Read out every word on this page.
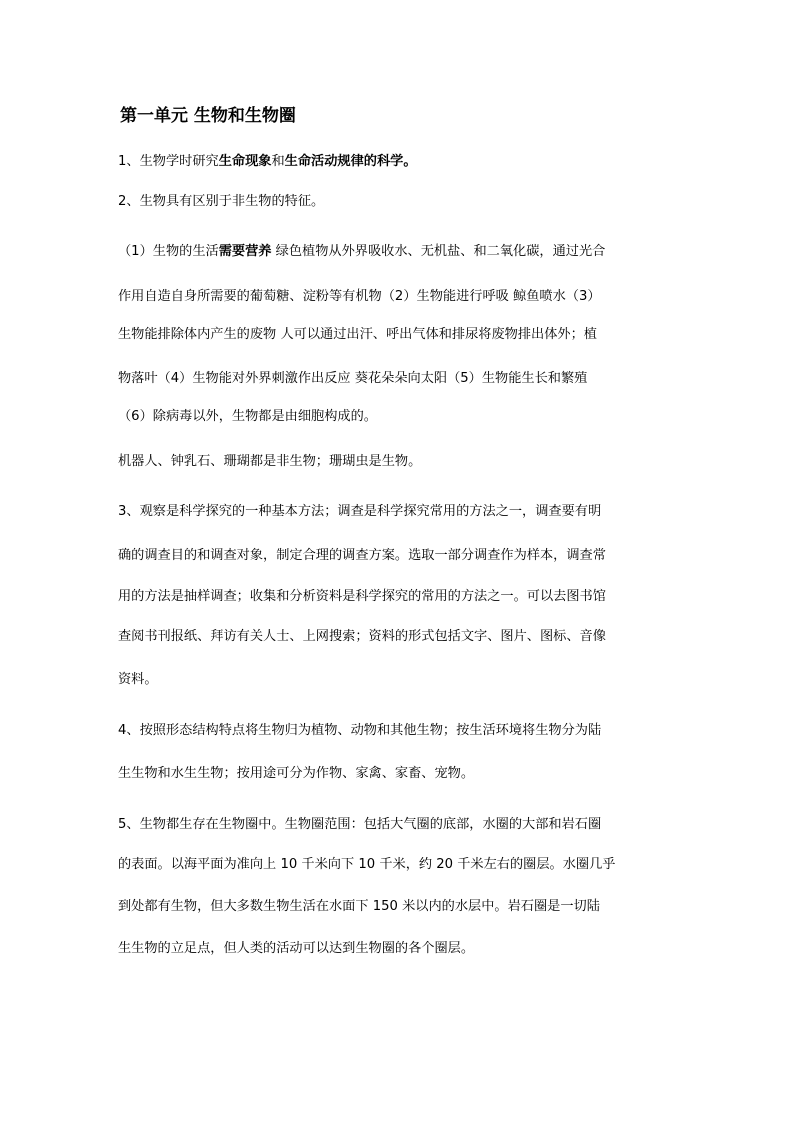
第一单元 生物和生物圈
1、生物学时研究生命现象和生命活动规律的科学。
2、生物具有区别于非生物的特征。
（1）生物的生活需要营养 绿色植物从外界吸收水、无机盐、和二氧化碳，通过光合
作用自造自身所需要的葡萄糖、淀粉等有机物（2）生物能进行呼吸 鲸鱼喷水（3）
生物能排除体内产生的废物 人可以通过出汗、呼出气体和排尿将废物排出体外；植
物落叶（4）生物能对外界刺激作出反应 葵花朵朵向太阳（5）生物能生长和繁殖
（6）除病毒以外，生物都是由细胞构成的。
机器人、钟乳石、珊瑚都是非生物；珊瑚虫是生物。
3、观察是科学探究的一种基本方法；调查是科学探究常用的方法之一，调查要有明
确的调查目的和调查对象，制定合理的调查方案。选取一部分调查作为样本，调查常
用的方法是抽样调查；收集和分析资料是科学探究的常用的方法之一。可以去图书馆
查阅书刊报纸、拜访有关人士、上网搜索；资料的形式包括文字、图片、图标、音像
资料。
4、按照形态结构特点将生物归为植物、动物和其他生物；按生活环境将生物分为陆
生生物和水生生物；按用途可分为作物、家禽、家畜、宠物。
5、生物都生存在生物圈中。生物圈范围：包括大气圈的底部，水圈的大部和岩石圈
的表面。以海平面为准向上 10 千米向下 10 千米，约 20 千米左右的圈层。水圈几乎
到处都有生物，但大多数生物生活在水面下 150 米以内的水层中。岩石圈是一切陆
生生物的立足点，但人类的活动可以达到生物圈的各个圈层。
